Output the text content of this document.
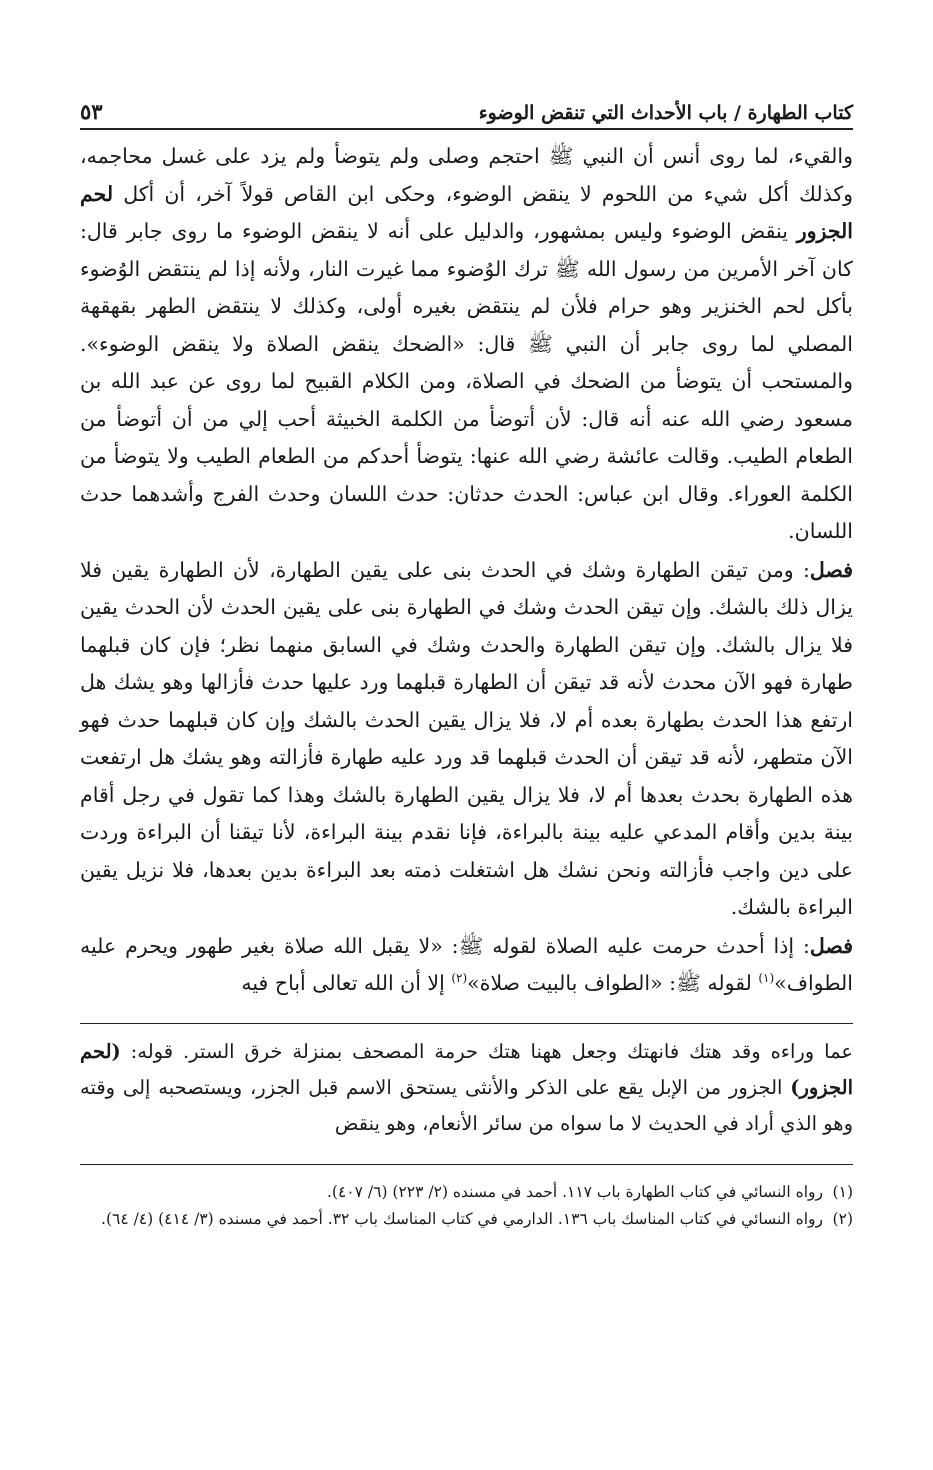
كتاب الطهارة / باب الأحداث التي تنقض الوضوء
٥٣

والقيء، لما روى أنس أن النبي ﷺ احتجم وصلى ولم يتوضأ ولم يزد على غسل محاجمه، وكذلك أكل شيء من اللحوم لا ينقض الوضوء، وحكى ابن القاص قولاً آخر، أن أكل لحم الجزور ينقض الوضوء وليس بمشهور، والدليل على أنه لا ينقض الوضوء ما روى جابر قال: كان آخر الأمرين من رسول الله ﷺ ترك الوُضوء مما غيرت النار، ولأنه إذا لم ينتقض الوُضوء بأكل لحم الخنزير وهو حرام فلأن لم ينتقض بغيره أولى، وكذلك لا ينتقض الطهر بقهقهة المصلي لما روى جابر أن النبي ﷺ قال: «الضحك ينقض الصلاة ولا ينقض الوضوء». والمستحب أن يتوضأ من الضحك في الصلاة، ومن الكلام القبيح لما روى عن عبد الله بن مسعود رضي الله عنه أنه قال: لأن أتوضأ من الكلمة الخبيثة أحب إلي من أن أتوضأ من الطعام الطيب. وقالت عائشة رضي الله عنها: يتوضأ أحدكم من الطعام الطيب ولا يتوضأ من الكلمة العوراء. وقال ابن عباس: الحدث حدثان: حدث اللسان وحدث الفرج وأشدهما حدث اللسان.

فصل: ومن تيقن الطهارة وشك في الحدث بنى على يقين الطهارة، لأن الطهارة يقين فلا يزال ذلك بالشك. وإن تيقن الحدث وشك في الطهارة بنى على يقين الحدث لأن الحدث يقين فلا يزال بالشك. وإن تيقن الطهارة والحدث وشك في السابق منهما نظر؛ فإن كان قبلهما طهارة فهو الآن محدث لأنه قد تيقن أن الطهارة قبلهما ورد عليها حدث فأزالها وهو يشك هل ارتفع هذا الحدث بطهارة بعده أم لا، فلا يزال يقين الحدث بالشك وإن كان قبلهما حدث فهو الآن متطهر، لأنه قد تيقن أن الحدث قبلهما قد ورد عليه طهارة فأزالته وهو يشك هل ارتفعت هذه الطهارة بحدث بعدها أم لا، فلا يزال يقين الطهارة بالشك وهذا كما تقول في رجل أقام بينة بدين وأقام المدعي عليه بينة بالبراءة، فإنا نقدم بينة البراءة، لأنا تيقنا أن البراءة وردت على دين واجب فأزالته ونحن نشك هل اشتغلت ذمته بعد البراءة بدين بعدها، فلا نزيل يقين البراءة بالشك.

فصل: إذا أحدث حرمت عليه الصلاة لقوله ﷺ: «لا يقبل الله صلاة بغير طهور ويحرم عليه الطواف»$^{(١)}$ لقوله ﷺ: «الطواف بالبيت صلاة»$^{(٢)}$ إلا أن الله تعالى أباح فيه

عما وراءه وقد هتك فانهتك وجعل ههنا هتك حرمة المصحف بمنزلة خرق الستر. قوله: (لحم الجزور) الجزور من الإبل يقع على الذكر والأنثى يستحق الاسم قبل الجزر، ويستصحبه إلى وقته وهو الذي أراد في الحديث لا ما سواه من سائر الأنعام، وهو ينقض

(١)
رواه النسائي في كتاب الطهارة باب ١١٧. أحمد في مسنده (٢/ ٢٢٣) (٦/ ٤٠٧).
(٢)
رواه النسائي في كتاب المناسك باب ١٣٦. الدارمي في كتاب المناسك باب ٣٢. أحمد في مسنده (٣/ ٤١٤) (٤/ ٦٤).
